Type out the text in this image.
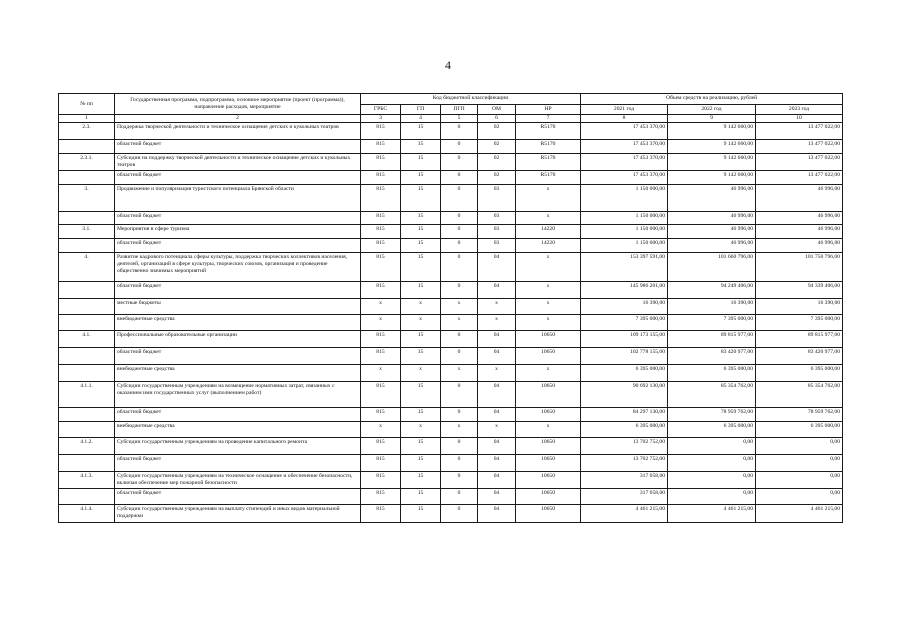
4
№ пп	Государственная программа, подпрограмма, основное мероприятие (проект (программа)), направление расходов, мероприятие	Код бюджетной классификации					Объем средств на реализацию, рублей		
		ГРБС	ГП	ПГП	ОМ	НР	2021 год	2022 год	2023 год
1	2	3	4	5	6	7	8	9	10
2.3.	Поддержка творческой деятельности и техническое оснащение детских и кукольных театров	815	15	0	02	R5170	17 453 370,00	9 142 660,00	13 477 022,00
	областной бюджет	815	15	0	02	R5170	17 453 370,00	9 142 660,00	13 477 022,00
2.3.1.	Субсидии на поддержку творческой деятельности и техническое оснащение детских и кукольных театров	815	15	0	02	R5170	17 453 370,00	9 142 660,00	13 477 022,00
	областной бюджет	815	15	0	02	R5170	17 453 370,00	9 142 660,00	13 477 022,00
3.	Продвижение и популяризация туристского потенциала Брянской области	815	15	0	03	x	1 150 000,00	46 996,00	46 996,00
	областной бюджет	815	15	0	03	x	1 150 000,00	46 996,00	46 996,00
3.1.	Мероприятия в сфере туризма	815	15	0	03	14220	1 150 000,00	46 996,00	46 996,00
	областной бюджет	815	15	0	03	14220	1 150 000,00	46 996,00	46 996,00
4.	Развитие кадрового потенциала сферы культуры, поддержка творческих коллективов населения, деятелей, организаций в сфере культуры, творческих союзов, организация и проведение общественно значимых мероприятий	815	15	0	04	x	153 397 591,00	101 660 796,00	101 750 796,00
	областной бюджет	815	15	0	04	x	145 986 201,00	94 249 406,00	94 339 406,00
	местные бюджеты	x	x	x	x	x	16 390,00	16 390,00	16 390,00
	внебюджетные средства	x	x	x	x	x	7 395 000,00	7 395 000,00	7 395 000,00
4.1.	Профессиональные образовательные организации	815	15	0	04	10650	109 173 155,00	89 815 977,00	89 815 977,00
	областной бюджет	815	15	0	04	10650	102 778 155,00	83 420 977,00	83 420 977,00
	внебюджетные средства	x	x	x	x	x	6 395 000,00	6 395 000,00	6 395 000,00
4.1.1.	Субсидии государственным учреждениям на возмещение нормативных затрат, связанных с оказанием ими государственных услуг (выполнением работ)	815	15	0	04	10650	90 692 130,00	85 354 762,00	85 354 762,00
	областной бюджет	815	15	0	04	10650	84 297 130,00	78 959 762,00	78 959 762,00
	внебюджетные средства	x	x	x	x	x	6 395 000,00	6 395 000,00	6 395 000,00
4.1.2.	Субсидии государственным учреждениям на проведение капитального ремонта	815	15	0	04	10650	13 702 752,00	0,00	0,00
	областной бюджет	815	15	0	04	10650	13 702 752,00	0,00	0,00
4.1.3.	Субсидии государственным учреждениям на техническое оснащение и обеспечение безопасности, включая обеспечение мер пожарной безопасности	815	15	0	04	10650	317 058,00	0,00	0,00
	областной бюджет	815	15	0	04	10650	317 058,00	0,00	0,00
4.1.4.	Субсидии государственным учреждениям на выплату стипендий и иных видов материальной поддержки	815	15	0	04	10650	4 461 215,00	4 461 215,00	4 461 215,00
